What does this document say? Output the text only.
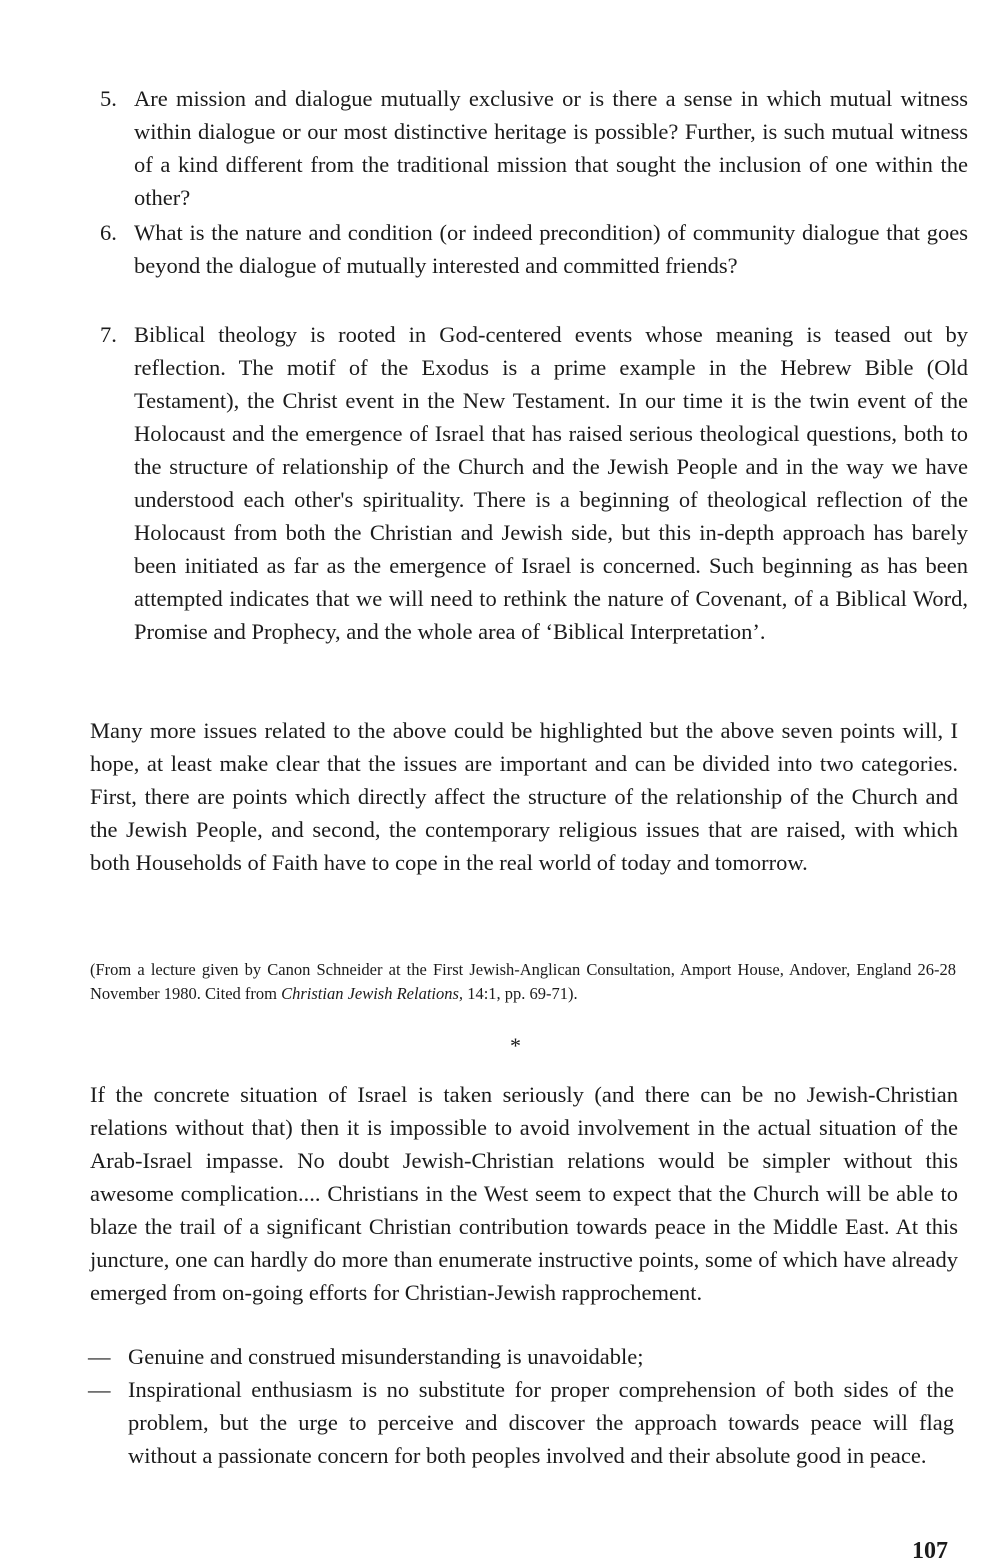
5. Are mission and dialogue mutually exclusive or is there a sense in which mutual witness within dialogue or our most distinctive heritage is possible? Further, is such mutual witness of a kind different from the traditional mission that sought the inclusion of one within the other?
6. What is the nature and condition (or indeed precondition) of community dialogue that goes beyond the dialogue of mutually interested and committed friends?
7. Biblical theology is rooted in God-centered events whose meaning is teased out by reflection. The motif of the Exodus is a prime example in the Hebrew Bible (Old Testament), the Christ event in the New Testament. In our time it is the twin event of the Holocaust and the emergence of Israel that has raised serious theological questions, both to the structure of relationship of the Church and the Jewish People and in the way we have understood each other's spirituality. There is a beginning of theological reflection of the Holocaust from both the Christian and Jewish side, but this in-depth approach has barely been initiated as far as the emergence of Israel is concerned. Such beginning as has been attempted indicates that we will need to rethink the nature of Covenant, of a Biblical Word, Promise and Prophecy, and the whole area of ‘Biblical Interpretation’.

Many more issues related to the above could be highlighted but the above seven points will, I hope, at least make clear that the issues are important and can be divided into two categories. First, there are points which directly affect the structure of the relationship of the Church and the Jewish People, and second, the contemporary religious issues that are raised, with which both Households of Faith have to cope in the real world of today and tomorrow.

(From a lecture given by Canon Schneider at the First Jewish-Anglican Consultation, Amport House, Andover, England 26-28 November 1980. Cited from Christian Jewish Relations, 14:1, pp. 69-71).

*

If the concrete situation of Israel is taken seriously (and there can be no Jewish-Christian relations without that) then it is impossible to avoid involvement in the actual situation of the Arab-Israel impasse. No doubt Jewish-Christian relations would be simpler without this awesome complication.... Christians in the West seem to expect that the Church will be able to blaze the trail of a significant Christian contribution towards peace in the Middle East. At this juncture, one can hardly do more than enumerate instructive points, some of which have already emerged from on-going efforts for Christian-Jewish rapprochement.

— Genuine and construed misunderstanding is unavoidable;
— Inspirational enthusiasm is no substitute for proper comprehension of both sides of the problem, but the urge to perceive and discover the approach towards peace will flag without a passionate concern for both peoples involved and their absolute good in peace.
107
